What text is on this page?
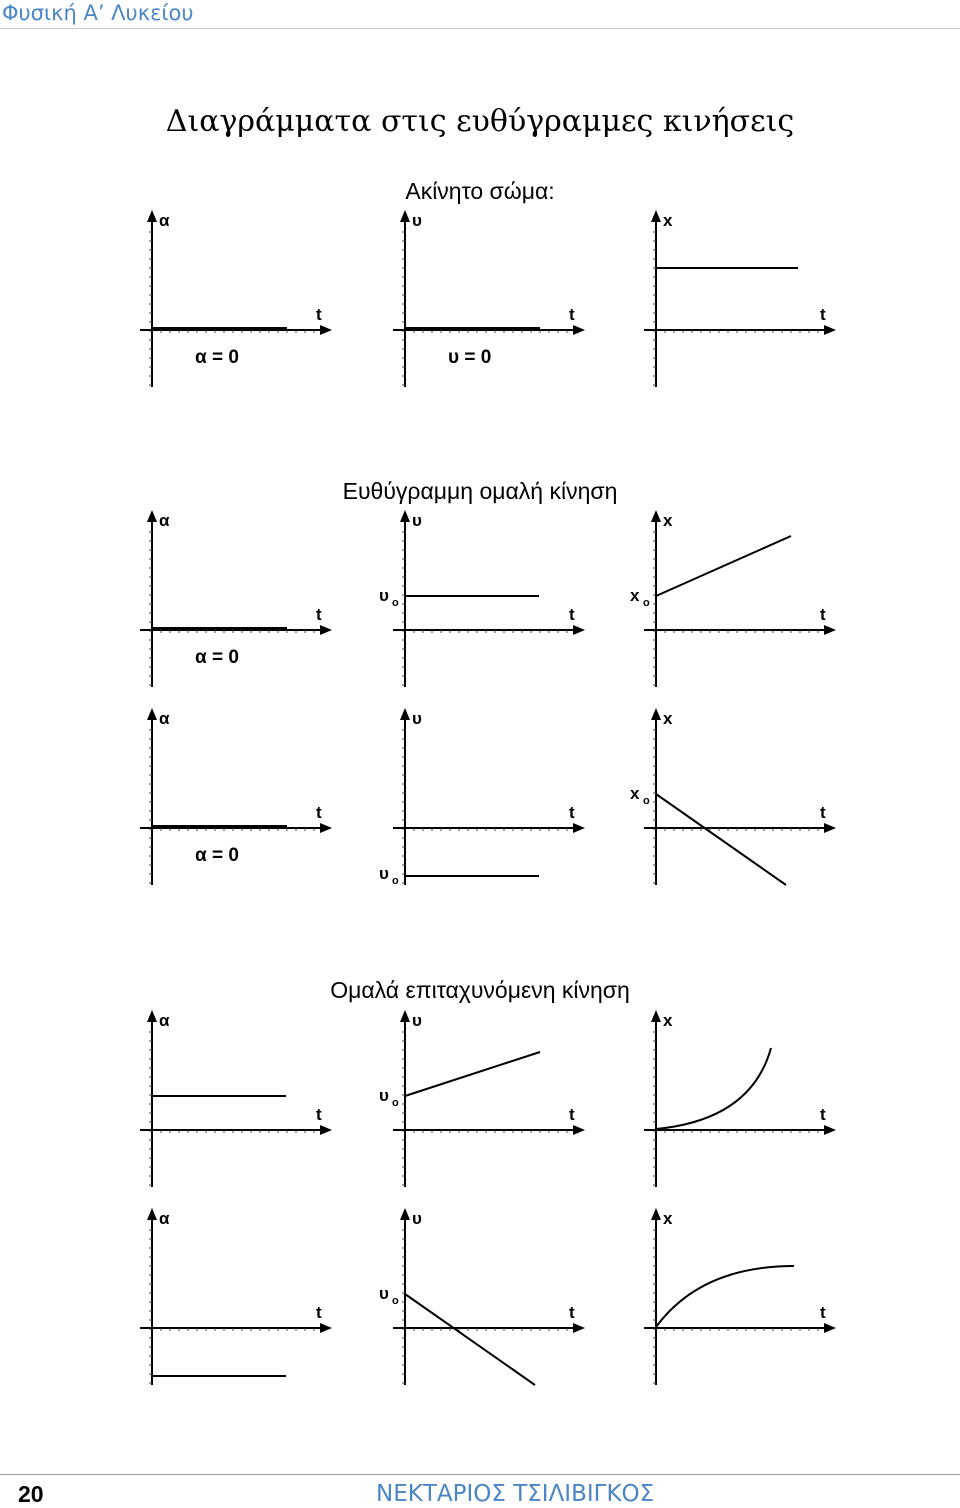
Φυσική Α’ Λυκείου
Διαγράμματα στις ευθύγραμμες κινήσεις
Ακίνητο σώμα:
Ευθύγραμμη ομαλή κίνηση
Ομαλά επιταχυνόμενη κίνηση
α
t
α = 0
υ
t
υ = 0
x
t
α
t
α = 0
υ
t
υ o
x
t
x o
α
t
α = 0
υ
t
υ o
x
t
x o
α
t
υ
t
υ o
x
t
α
t
υ
t
υ o
x
t
20	ΝΕΚΤΑΡΙΟΣ ΤΣΙΛΙΒΙΓΚΟΣ
